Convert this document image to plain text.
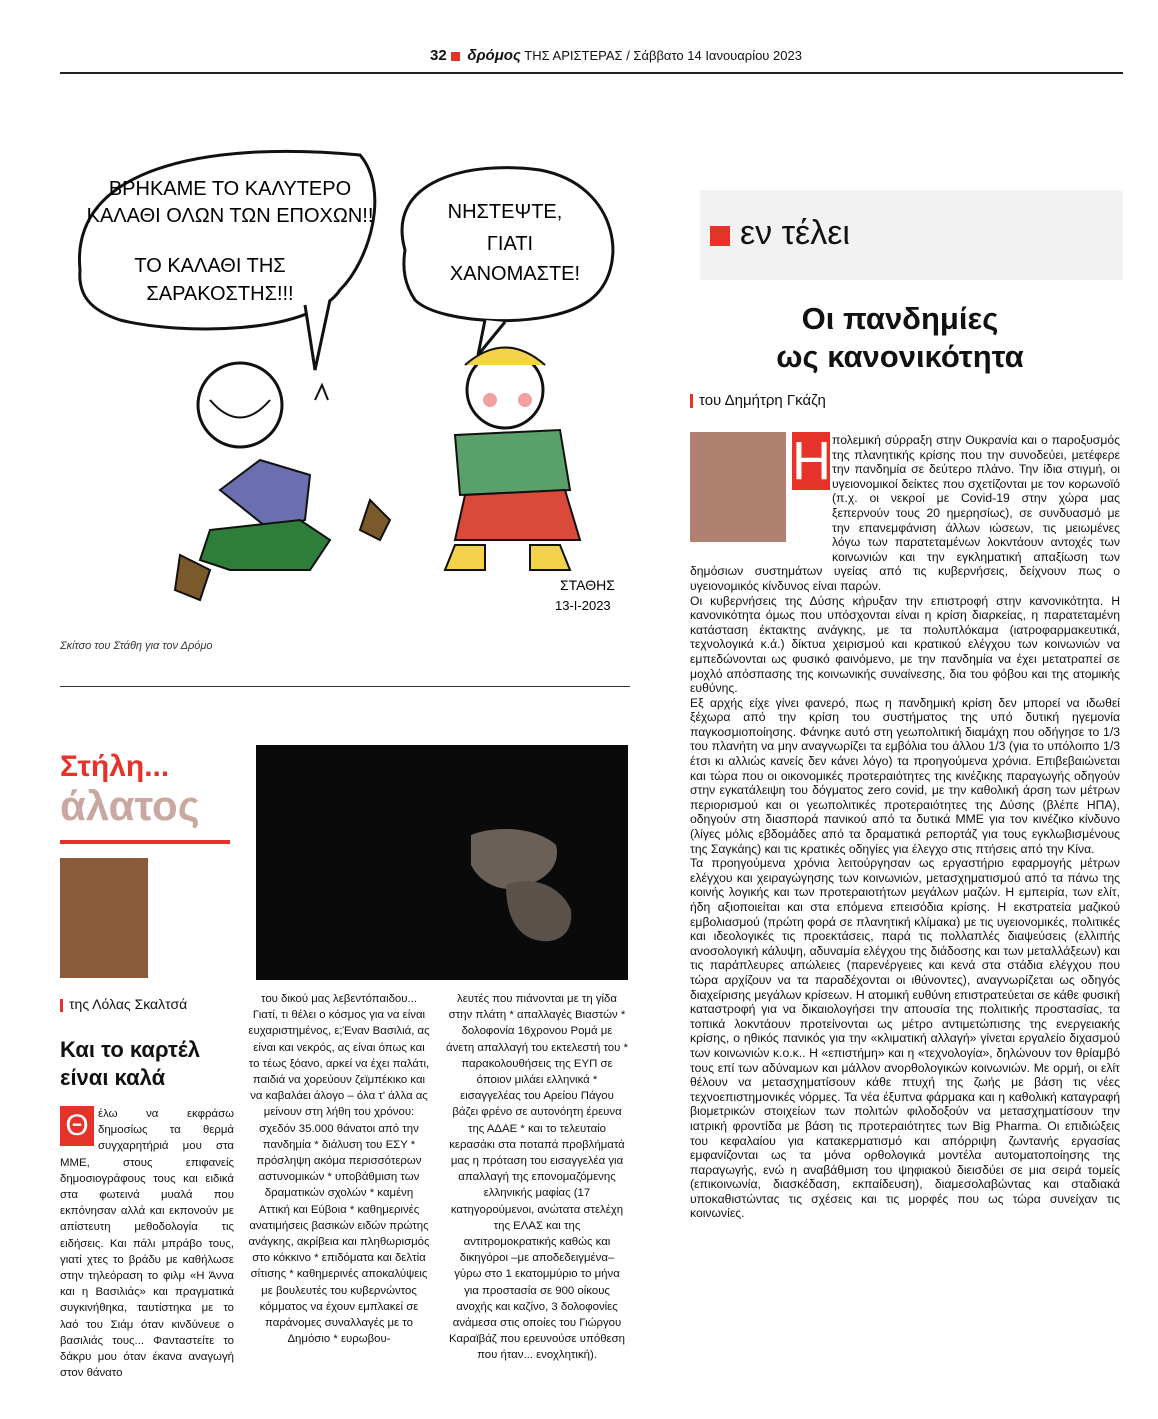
32 δρόμος ΤΗΣ ΑΡΙΣΤΕΡΑΣ / Σάββατο 14 Ιανουαρίου 2023
ΒΡΗΚΑΜΕ ΤΟ ΚΑΛΥΤΕΡΟ
ΚΑΛΑΘΙ ΟΛΩΝ ΤΩΝ ΕΠΟΧΩΝ!!
ΤΟ ΚΑΛΑΘΙ ΤΗΣ
ΣΑΡΑΚΟΣΤΗΣ!!!
ΝΗΣΤΕΨΤΕ,
ΓΙΑΤΙ
ΧΑΝΟΜΑΣΤΕ!
ΣΤΑΘΗΣ
13-I-2023
Σκίτσο του Στάθη για τον Δρόμο
εν τέλει
Οι πανδημίες
ως κανονικότητα
του Δημήτρη Γκάζη
Η πολεμική σύρραξη στην Ουκρανία και ο παροξυσμός της πλανητικής κρίσης που την συνοδεύει, μετέφερε την πανδημία σε δεύτερο πλάνο. Την ίδια στιγμή, οι υγειονομικοί δείκτες που σχετίζονται με τον κορωνοϊό (π.χ. οι νεκροί με Covid-19 στην χώρα μας ξεπερνούν τους 20 ημερησίως), σε συνδυασμό με την επανεμφάνιση άλλων ιώσεων, τις μειωμένες λόγω των παρατεταμένων λοκντάουν αντοχές των κοινωνιών και την εγκληματική απαξίωση των δημόσιων συστημάτων υγείας από τις κυβερνήσεις, δείχνουν πως ο υγειονομικός κίνδυνος είναι παρών.

Οι κυβερνήσεις της Δύσης κήρυξαν την επιστροφή στην κανονικότητα. Η κανονικότητα όμως που υπόσχονται είναι η κρίση διαρκείας, η παρατεταμένη κατάσταση έκτακτης ανάγκης, με τα πολυπλόκαμα (ιατροφαρμακευτικά, τεχνολογικά κ.ά.) δίκτυα χειρισμού και κρατικού ελέγχου των κοινωνιών να εμπεδώνονται ως φυσικό φαινόμενο, με την πανδημία να έχει μετατραπεί σε μοχλό απόσπασης της κοινωνικής συναίνεσης, δια του φόβου και της ατομικής ευθύνης.

Εξ αρχής είχε γίνει φανερό, πως η πανδημική κρίση δεν μπορεί να ιδωθεί ξέχωρα από την κρίση του συστήματος της υπό δυτική ηγεμονία παγκοσμιοποίησης. Φάνηκε αυτό στη γεωπολιτική διαμάχη που οδήγησε το 1/3 του πλανήτη να μην αναγνωρίζει τα εμβόλια του άλλου 1/3 (για το υπόλοιπο 1/3 έτσι κι αλλιώς κανείς δεν κάνει λόγο) τα προηγούμενα χρόνια. Επιβεβαιώνεται και τώρα που οι οικονομικές προτεραιότητες της κινέζικης παραγωγής οδηγούν στην εγκατάλειψη του δόγματος zero covid, με την καθολική άρση των μέτρων περιορισμού και οι γεωπολιτικές προτεραιότητες της Δύσης (βλέπε ΗΠΑ), οδηγούν στη διασπορά πανικού από τα δυτικά ΜΜΕ για τον κινέζικο κίνδυνο (λίγες μόλις εβδομάδες από τα δραματικά ρεπορτάζ για τους εγκλωβισμένους της Σαγκάης) και τις κρατικές οδηγίες για έλεγχο στις πτήσεις από την Κίνα.

Τα προηγούμενα χρόνια λειτούργησαν ως εργαστήριο εφαρμογής μέτρων ελέγχου και χειραγώγησης των κοινωνιών, μετασχηματισμού από τα πάνω της κοινής λογικής και των προτεραιοτήτων μεγάλων μαζών. Η εμπειρία, των ελίτ, ήδη αξιοποιείται και στα επόμενα επεισόδια κρίσης. Η εκστρατεία μαζικού εμβολιασμού (πρώτη φορά σε πλανητική κλίμακα) με τις υγειονομικές, πολιτικές και ιδεολογικές τις προεκτάσεις, παρά τις πολλαπλές διαψεύσεις (ελλιπής ανοσολογική κάλυψη, αδυναμία ελέγχου της διάδοσης και των μεταλλάξεων) και τις παράπλευρες απώλειες (παρενέργειες και κενά στα στάδια ελέγχου που τώρα αρχίζουν να τα παραδέχονται οι ιθύνοντες), αναγνωρίζεται ως οδηγός διαχείρισης μεγάλων κρίσεων. Η ατομική ευθύνη επιστρατεύεται σε κάθε φυσική καταστροφή για να δικαιολογήσει την απουσία της πολιτικής προστασίας, τα τοπικά λοκντάουν προτείνονται ως μέτρο αντιμετώπισης της ενεργειακής κρίσης, ο ηθικός πανικός για την «κλιματική αλλαγή» γίνεται εργαλείο διχασμού των κοινωνιών κ.ο.κ.. Η «επιστήμη» και η «τεχνολογία», δηλώνουν τον θρίαμβό τους επί των αδύναμων και μάλλον ανορθολογικών κοινωνιών. Με ορμή, οι ελίτ θέλουν να μετασχηματίσουν κάθε πτυχή της ζωής με βάση τις νέες τεχνοεπιστημονικές νόρμες. Τα νέα έξυπνα φάρμακα και η καθολική καταγραφή βιομετρικών στοιχείων των πολιτών φιλοδοξούν να μετασχηματίσουν την ιατρική φροντίδα με βάση τις προτεραιότητες των Big Pharma. Οι επιδιώξεις του κεφαλαίου για κατακερματισμό και απόρριψη ζωντανής εργασίας εμφανίζονται ως τα μόνα ορθολογικά μοντέλα αυτοματοποίησης της παραγωγής, ενώ η αναβάθμιση του ψηφιακού διεισδύει σε μια σειρά τομείς (επικοινωνία, διασκέδαση, εκπαίδευση), διαμεσολαβώντας και σταδιακά υποκαθιστώντας τις σχέσεις και τις μορφές που ως τώρα συνείχαν τις κοινωνίες.

Στήλη...
άλατος
της Λόλας Σκαλτσά
Και το καρτέλ
είναι καλά
Θ έλω να εκφράσω δημοσίως τα θερμά συγχαρητήριά μου στα ΜΜΕ, στους επιφανείς δημοσιογράφους τους και ειδικά στα φωτεινά μυαλά που εκπόνησαν αλλά και εκπονούν με απίστευτη μεθοδολογία τις ειδήσεις. Και πάλι μπράβο τους, γιατί χτες το βράδυ με καθήλωσε στην τηλεόραση το φιλμ «Η Άννα και η Βασιλιάς» και πραγματικά συγκινήθηκα, ταυτίστηκα με το λαό του Σιάμ όταν κινδύνευε ο βασιλιάς τους... Φανταστείτε το δάκρυ μου όταν έκανα αναγωγή στον θάνατο

του δικού μας λεβεντόπαιδου... Γιατί, τι θέλει ο κόσμος για να είναι ευχαριστημένος, ε;Έναν Βασιλιά, ας είναι και νεκρός, ας είναι όπως και το τέως ξόανο, αρκεί να έχει παλάτι, παιδιά να χορεύουν ζεϊμπέκικο και να καβαλάει άλογο – όλα τ' άλλα ας μείνουν στη λήθη του χρόνου: σχεδόν 35.000 θάνατοι από την πανδημία * διάλυση του ΕΣΥ * πρόσληψη ακόμα περισσότερων αστυνομικών * υποβάθμιση των δραματικών σχολών * καμένη Αττική και Εύβοια * καθημερινές ανατιμήσεις βασικών ειδών πρώτης ανάγκης, ακρίβεια και πληθωρισμός στο κόκκινο * επιδόματα και δελτία σίτισης * καθημερινές αποκαλύψεις με βουλευτές του κυβερνώντος κόμματος να έχουν εμπλακεί σε παράνομες συναλλαγές με το Δημόσιο * ευρωβου-

λευτές που πιάνονται με τη γίδα στην πλάτη * απαλλαγές Βιαστών * δολοφονία 16χρονου Ρομά με άνετη απαλλαγή του εκτελεστή του * παρακολουθήσεις της ΕΥΠ σε όποιον μιλάει ελληνικά * εισαγγελέας του Αρείου Πάγου βάζει φρένο σε αυτονόητη έρευνα της ΑΔΑΕ * και το τελευταίο κερασάκι στα ποταπά προβλήματά μας η πρόταση του εισαγγελέα για απαλλαγή της επονομαζόμενης ελληνικής μαφίας (17 κατηγορούμενοι, ανώτατα στελέχη της ΕΛΑΣ και της αντιτρομοκρατικής καθώς και δικηγόροι –με αποδεδειγμένα– γύρω στο 1 εκατομμύριο το μήνα για προστασία σε 900 οίκους ανοχής και καζίνο, 3 δολοφονίες ανάμεσα στις οποίες του Γιώργου Καραϊβάζ που ερευνούσε υπόθεση που ήταν... ενοχλητική).
